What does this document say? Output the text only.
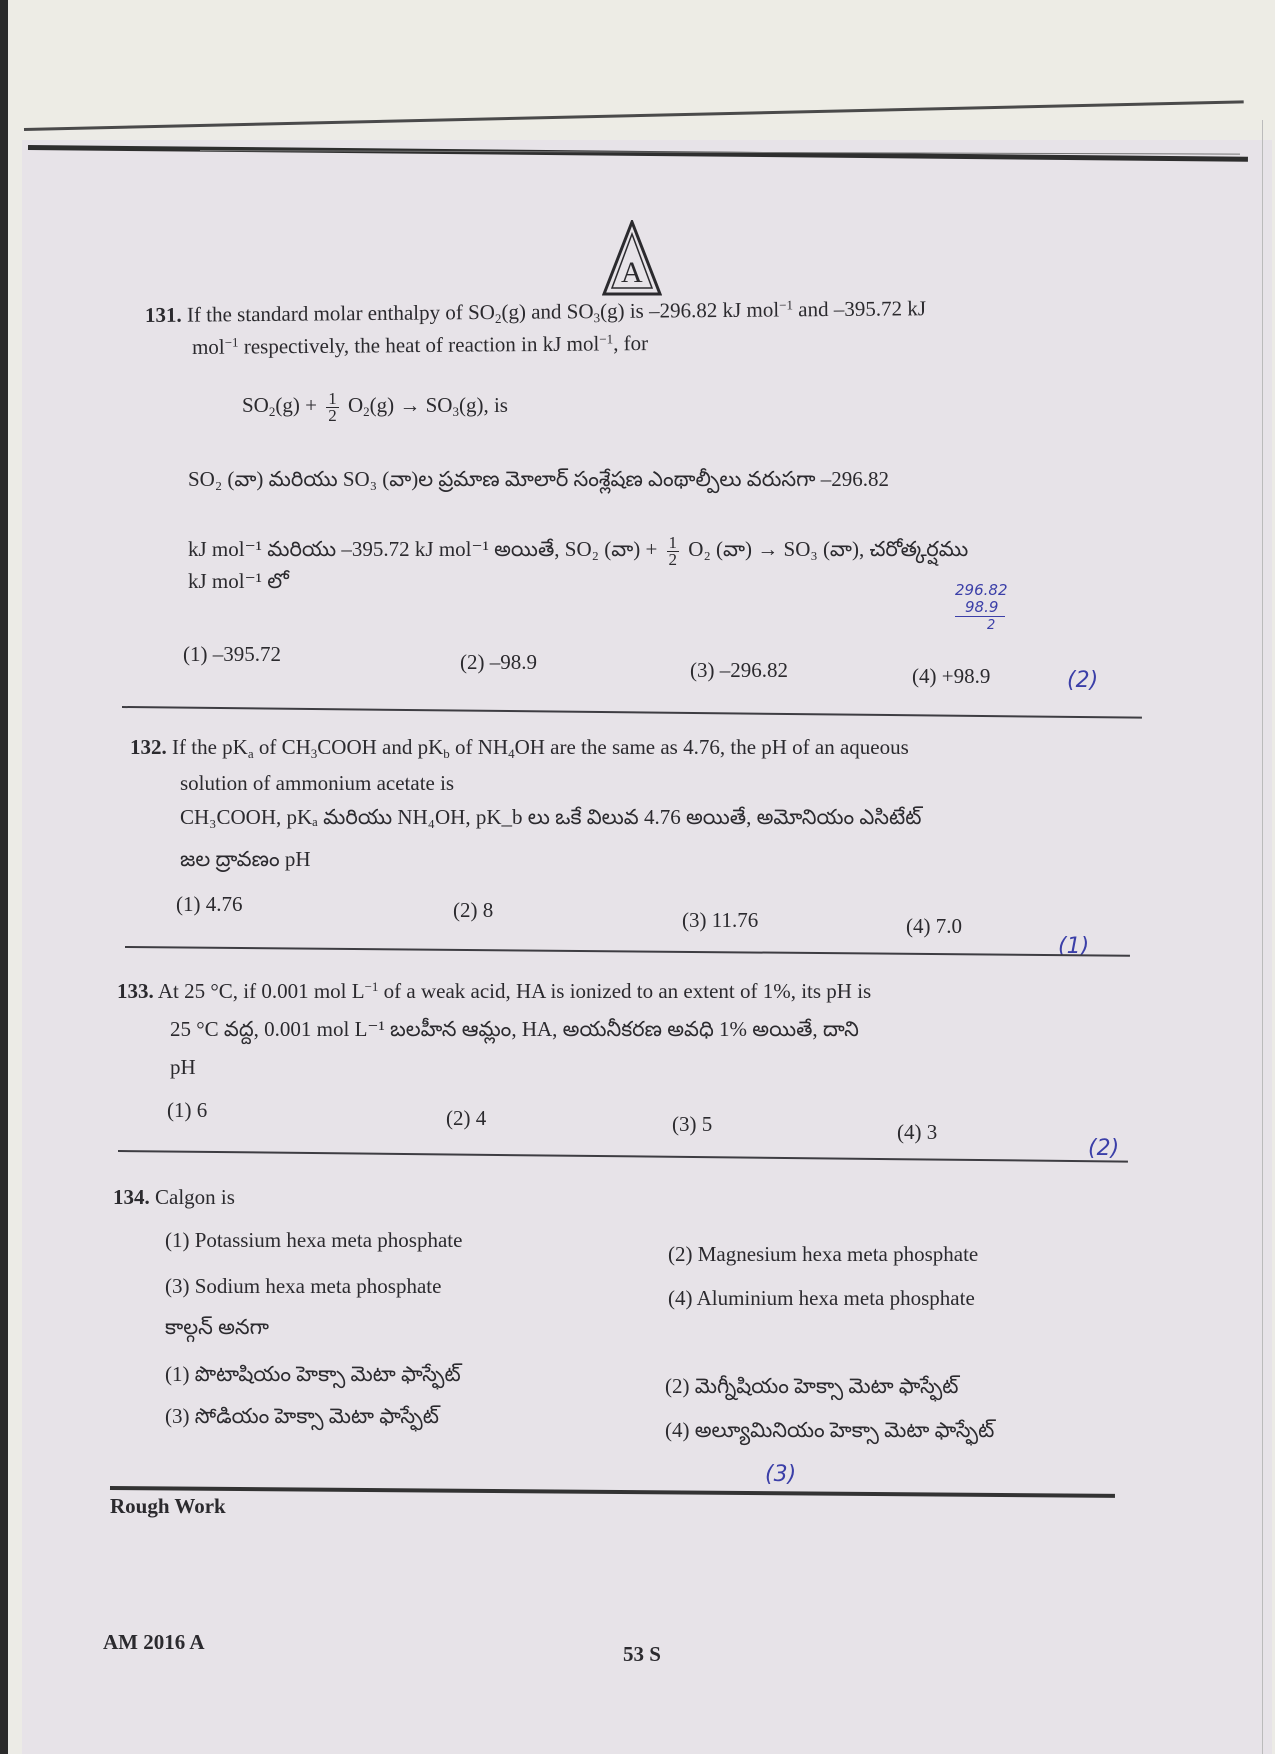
A
131. If the standard molar enthalpy of $SO_2(g)$ and $SO_3(g)$ is –296.82 kJ mol$^{-1}$ and –395.72 kJ
mol$^{-1}$ respectively, the heat of reaction in kJ mol$^{-1}$, for
$SO_2(g) + \frac{1}{2} O_2(g) \to SO_3(g)$, is
SO₂ (వా) మరియు SO₃ (వా)ల ప్రమాణ మోలార్ సంశ్లేషణ ఎంథాల్పీలు వరుసగా –296.82
kJ mol⁻¹ మరియు –395.72 kJ mol⁻¹ అయితే, SO₂ (వా) + $\frac{1}{2} O_2$ (వా) → SO₃ (వా), చరోత్కర్షము
kJ mol⁻¹ లో
(1) –395.72	(2) –98.9	(3) –296.82	(4) +98.9
296.82
98.9
2
(2)
132. If the $pK_a$ of $CH_3COOH$ and $pK_b$ of $NH_4OH$ are the same as 4.76, the pH of an aqueous
solution of ammonium acetate is
CH₃COOH, pKₐ మరియు NH₄OH, pK_b లు ఒకే విలువ 4.76 అయితే, అమోనియం ఎసిటేట్
జల ద్రావణం pH
(1) 4.76	(2) 8	(3) 11.76	(4) 7.0
(1)
133. At 25 °C, if 0.001 mol $L^{-1}$ of a weak acid, HA is ionized to an extent of 1%, its pH is
25 °C వద్ద, 0.001 mol L⁻¹ బలహీన ఆమ్లం, HA, అయనీకరణ అవధి 1% అయితే, దాని
pH
(1) 6	(2) 4	(3) 5	(4) 3
(2)
134. Calgon is
(1) Potassium hexa meta phosphate
(2) Magnesium hexa meta phosphate
(3) Sodium hexa meta phosphate	(4) Aluminium hexa meta phosphate
కాల్గన్ అనగా
(1) పొటాషియం హెక్సా మెటా ఫాస్ఫేట్	(2) మెగ్నీషియం హెక్సా మెటా ఫాస్ఫేట్
(3) సోడియం హెక్సా మెటా ఫాస్ఫేట్
(4) అల్యూమినియం హెక్సా మెటా ఫాస్ఫేట్
(3)
Rough Work
AM 2016 A	53 S
